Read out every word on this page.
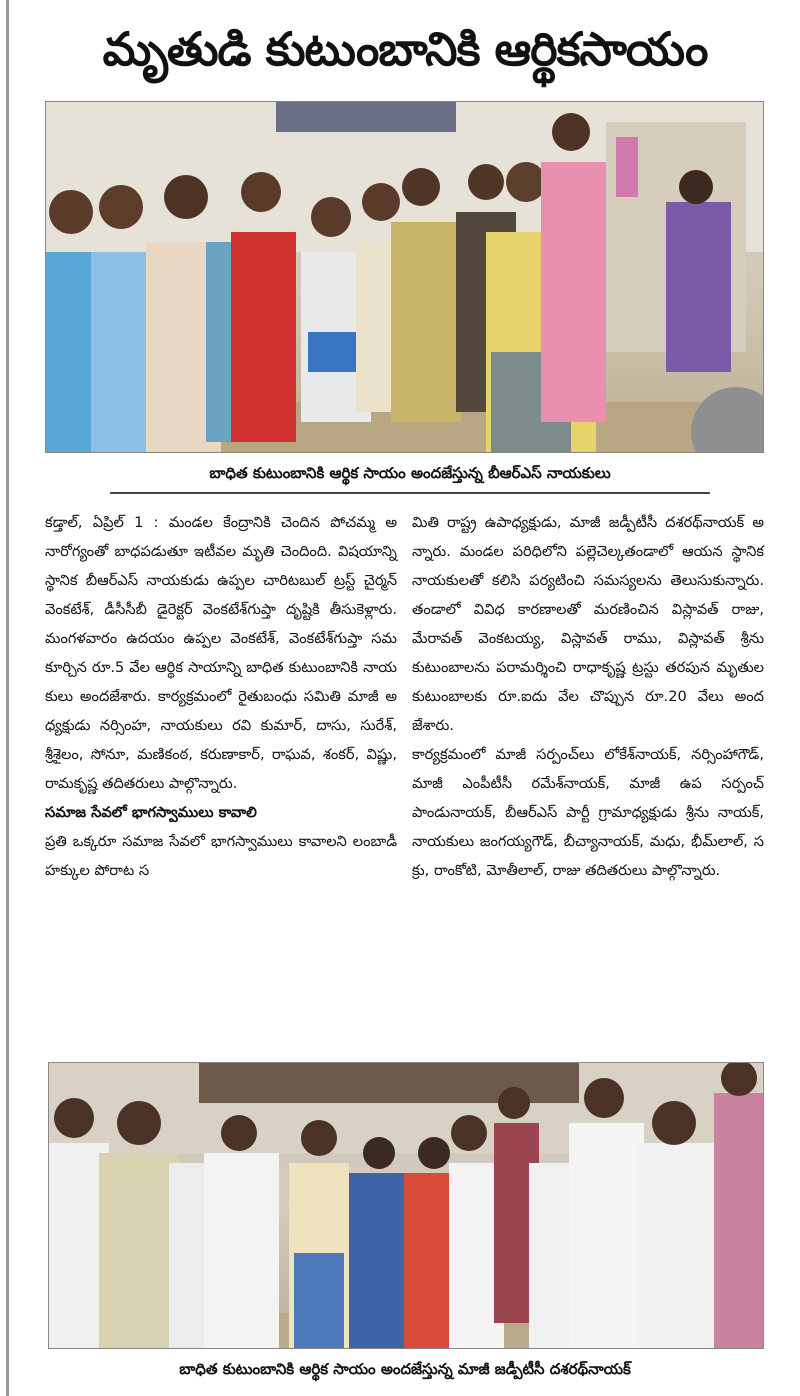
మృతుడి కుటుంబానికి ఆర్థికసాయం
బాధిత కుటుంబానికి ఆర్థిక సాయం అందజేస్తున్న బీఆర్ఎస్ నాయకులు

కడ్తాల్, ఏప్రిల్ 1 : మండల కేంద్రానికి చెందిన పోచమ్మ అనారోగ్యంతో బాధపడుతూ ఇటీవల మృతి చెందింది. విషయాన్ని స్థానిక బీఆర్ఎస్ నాయకుడు ఉప్పల చారిటబుల్ ట్రస్ట్ చైర్మన్ వెంకటేశ్, డీసీసీబీ డైరెక్టర్ వెంకటేశ్‌గుప్తా దృష్టికి తీసుకెళ్లారు. మంగళవారం ఉదయం ఉప్పల వెంకటేశ్, వెంకటేశ్‌గుప్తా సమకూర్చిన రూ.5 వేల ఆర్థిక సాయాన్ని బాధిత కుటుంబానికి నాయకులు అందజేశారు. కార్యక్రమంలో రైతుబంధు సమితి మాజీ అధ్యక్షుడు నర్సింహ, నాయకులు రవి కుమార్, దాసు, సురేశ్, శ్రీశైలం, సోనూ, మణికంఠ, కరుణాకార్, రాఘవ, శంకర్, విష్ణు, రామకృష్ణ తదితరులు పాల్గొన్నారు.

సమాజ సేవలో భాగస్వాములు కావాలి

ప్రతి ఒక్కరూ సమాజ సేవలో భాగస్వాములు కావాలని లంబాడీ హక్కుల పోరాట స

మితి రాష్ట్ర ఉపాధ్యక్షుడు, మాజీ జడ్పీటీసీ దశరథ్‌నాయక్ అన్నారు. మండల పరిధిలోని పల్లెచెల్కతండాలో ఆయన స్థానిక నాయకులతో కలిసి పర్యటించి సమస్యలను తెలుసుకున్నారు. తండాలో వివిధ కారణాలతో మరణించిన విస్లావత్ రాజు, మేరావత్ వెంకటయ్య, విస్లావత్ రాము, విస్లావత్ శ్రీను కుటుంబాలను పరామర్శించి రాధాకృష్ణ ట్రస్టు తరపున మృతుల కుటుంబాలకు రూ.ఐదు వేల చొప్పున రూ.20 వేలు అందజేశారు.

కార్యక్రమంలో మాజీ సర్పంచ్‌లు లోకేశ్‌నాయక్, నర్సింహాగౌడ్, మాజీ ఎంపీటీసీ రమేశ్‌నాయక్, మాజీ ఉప సర్పంచ్ పాండునాయక్, బీఆర్ఎస్ పార్టీ గ్రామాధ్యక్షుడు శ్రీను నాయక్, నాయకులు జంగయ్యగౌడ్, బీచ్యానాయక్, మధు, భీమ్‌లాల్, సక్రు, రాంకోటి, మోతీలాల్, రాజు తదితరులు పాల్గొన్నారు.

బాధిత కుటుంబానికి ఆర్థిక సాయం అందజేస్తున్న మాజీ జడ్పీటీసీ దశరథ్‌నాయక్
